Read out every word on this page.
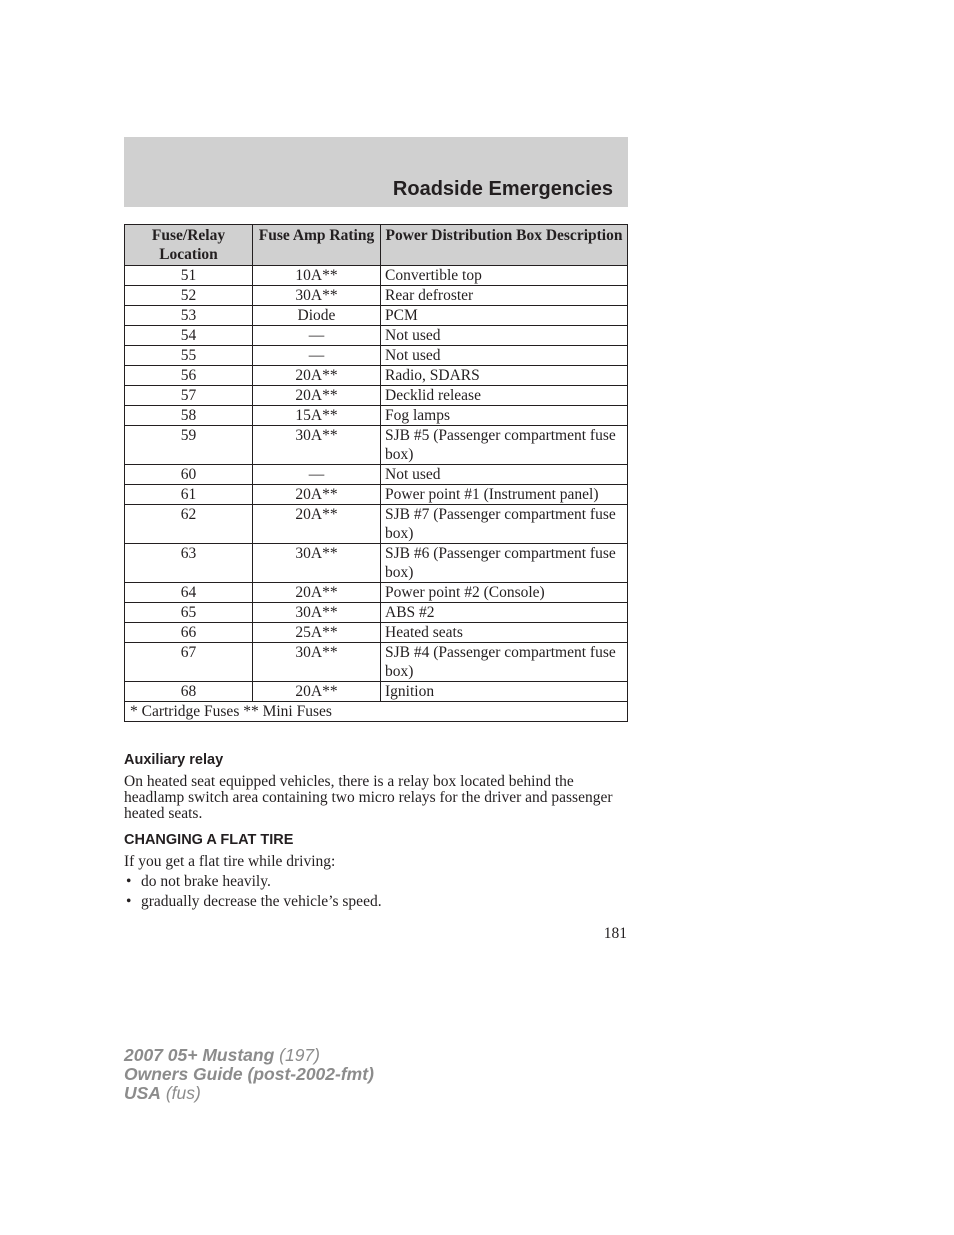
Roadside Emergencies
Fuse/Relay Location	Fuse Amp Rating	Power Distribution Box Description
51	10A**	Convertible top
52	30A**	Rear defroster
53	Diode	PCM
54	—	Not used
55	—	Not used
56	20A**	Radio, SDARS
57	20A**	Decklid release
58	15A**	Fog lamps
59	30A**	SJB #5 (Passenger compartment fuse box)
60	—	Not used
61	20A**	Power point #1 (Instrument panel)
62	20A**	SJB #7 (Passenger compartment fuse box)
63	30A**	SJB #6 (Passenger compartment fuse box)
64	20A**	Power point #2 (Console)
65	30A**	ABS #2
66	25A**	Heated seats
67	30A**	SJB #4 (Passenger compartment fuse box)
68	20A**	Ignition
* Cartridge Fuses ** Mini Fuses		
Auxiliary relay

On heated seat equipped vehicles, there is a relay box located behind the headlamp switch area containing two micro relays for the driver and passenger heated seats.

CHANGING A FLAT TIRE

If you get a flat tire while driving:

• do not brake heavily.
• gradually decrease the vehicle’s speed.
181
2007 05+ Mustang (197)
Owners Guide (post-2002-fmt)
USA (fus)
